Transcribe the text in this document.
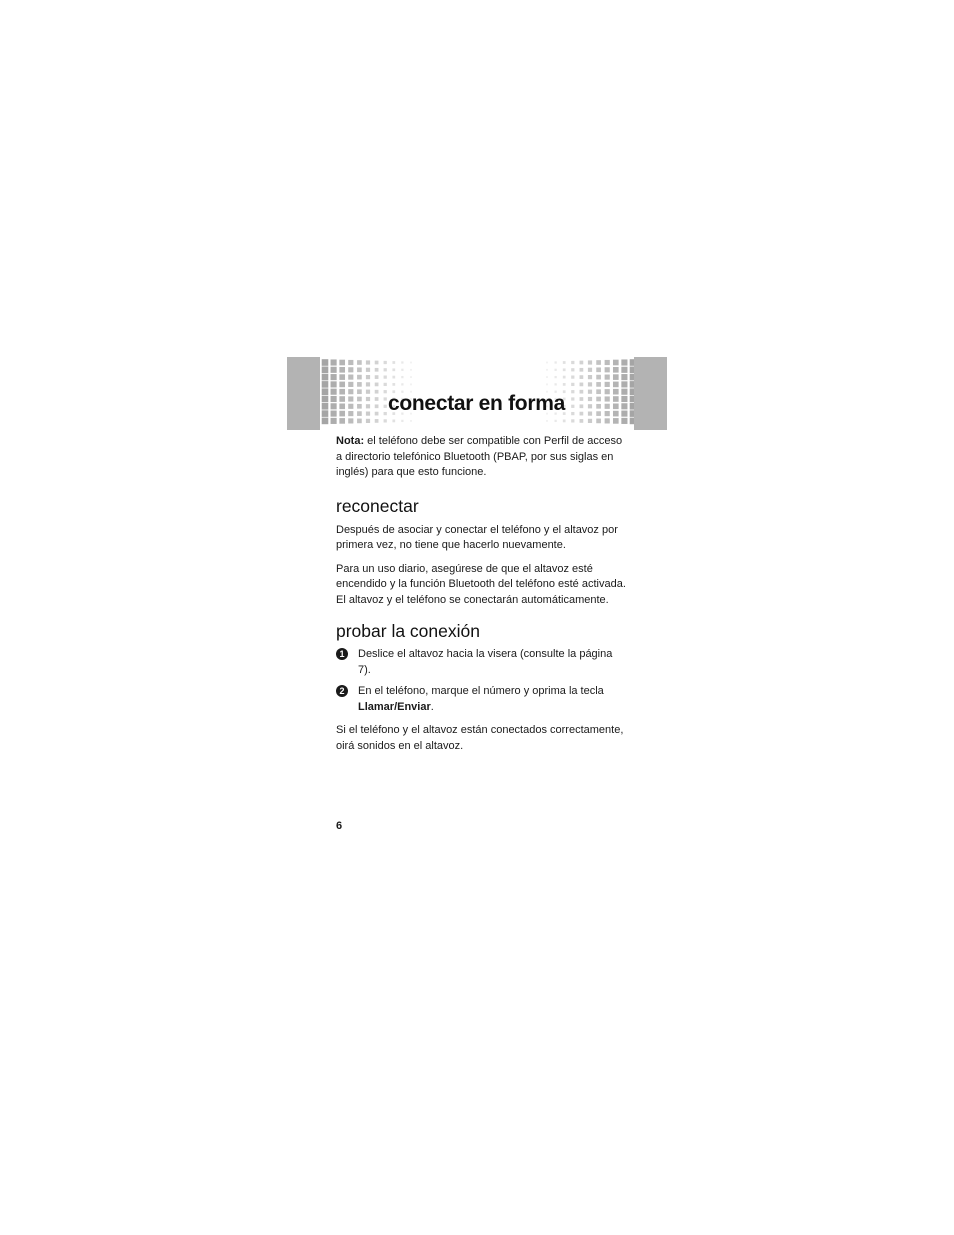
conectar en forma

Nota: el teléfono debe ser compatible con Perfil de acceso a directorio telefónico Bluetooth (PBAP, por sus siglas en inglés) para que esto funcione.

reconectar

Después de asociar y conectar el teléfono y el altavoz por primera vez, no tiene que hacerlo nuevamente.

Para un uso diario, asegúrese de que el altavoz esté encendido y la función Bluetooth del teléfono esté activada. El altavoz y el teléfono se conectarán automáticamente.

probar la conexión
1	Deslice el altavoz hacia la visera (consulte la página 7).

2	En el teléfono, marque el número y oprima la tecla Llamar/Enviar.

Si el teléfono y el altavoz están conectados correctamente, oirá sonidos en el altavoz.

6
